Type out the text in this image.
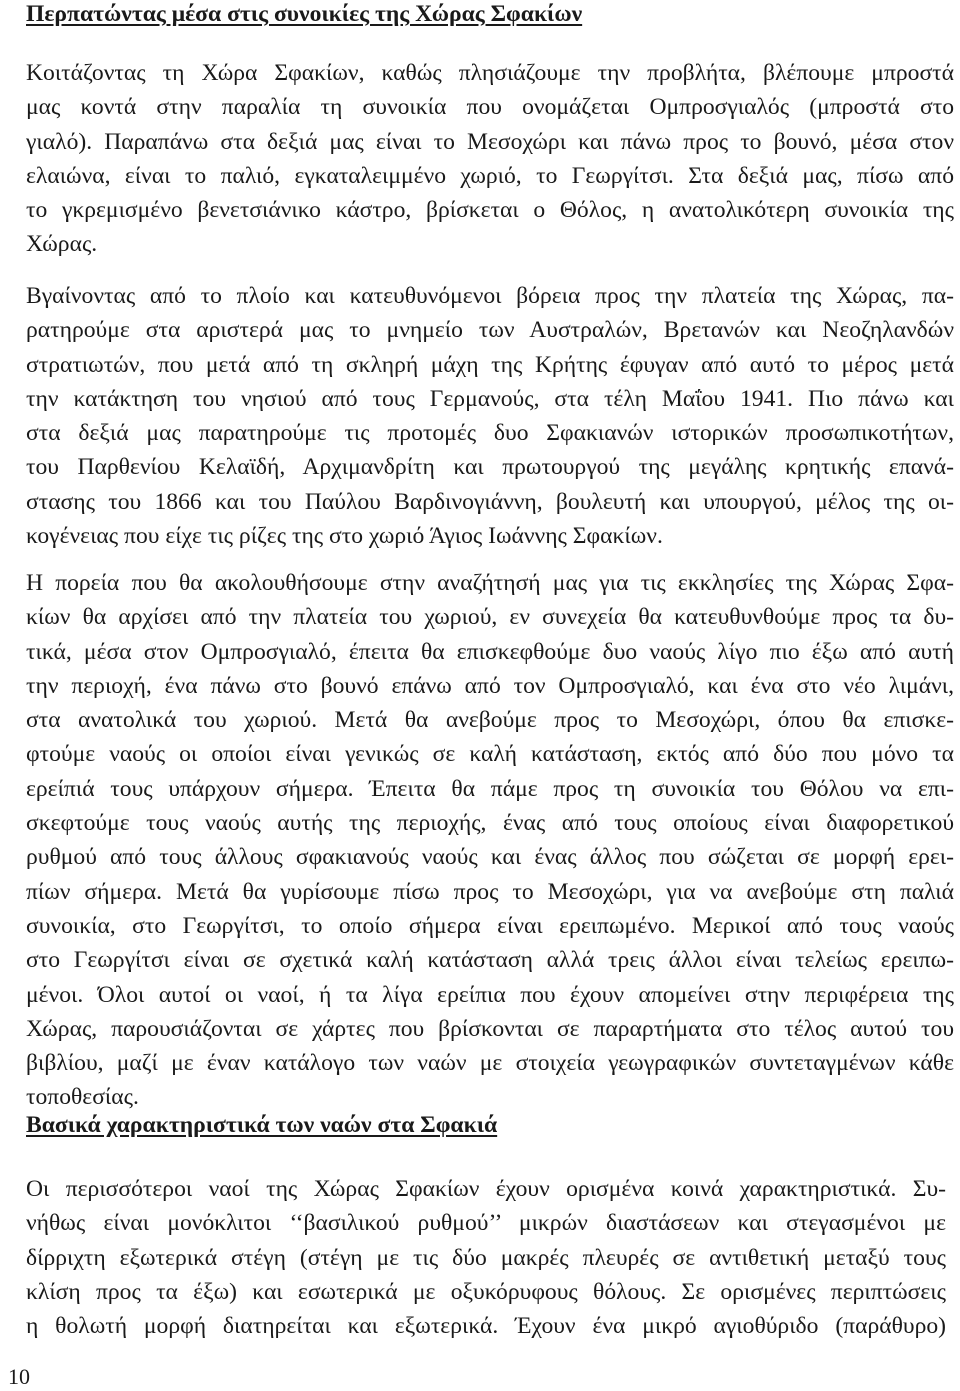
Περπατώντας μέσα στις συνοικίες της Χώρας Σφακίων
Κοιτάζοντας τη Χώρα Σφακίων, καθώς πλησιάζουμε την προβλήτα, βλέπουμε μπροστά
μας κοντά στην παραλία τη συνοικία που ονομάζεται Ομπροσγιαλός (μπροστά στο
γιαλό). Παραπάνω στα δεξιά μας είναι το Μεσοχώρι και πάνω προς το βουνό, μέσα στον
ελαιώνα, είναι το παλιό, εγκαταλειμμένο χωριό, το Γεωργίτσι. Στα δεξιά μας, πίσω από
το γκρεμισμένο βενετσιάνικο κάστρο, βρίσκεται ο Θόλος, η ανατολικότερη συνοικία της
Χώρας.
Βγαίνοντας από το πλοίο και κατευθυνόμενοι βόρεια προς την πλατεία της Χώρας, πα-
ρατηρούμε στα αριστερά μας το μνημείο των Αυστραλών, Βρετανών και Νεοζηλανδών
στρατιωτών, που μετά από τη σκληρή μάχη της Κρήτης έφυγαν από αυτό το μέρος μετά
την κατάκτηση του νησιού από τους Γερμανούς, στα τέλη Μαΐου 1941. Πιο πάνω και
στα δεξιά μας παρατηρούμε τις προτομές δυο Σφακιανών ιστορικών προσωπικοτήτων,
του Παρθενίου Κελαϊδή, Αρχιμανδρίτη και πρωτουργού της μεγάλης κρητικής επανά-
στασης του 1866 και του Παύλου Βαρδινογιάννη, βουλευτή και υπουργού, μέλος της οι-
κογένειας που είχε τις ρίζες της στο χωριό Άγιος Ιωάννης Σφακίων.
Η πορεία που θα ακολουθήσουμε στην αναζήτησή μας για τις εκκλησίες της Χώρας Σφα-
κίων θα αρχίσει από την πλατεία του χωριού, εν συνεχεία θα κατευθυνθούμε προς τα δυ-
τικά, μέσα στον Ομπροσγιαλό, έπειτα θα επισκεφθούμε δυο ναούς λίγο πιο έξω από αυτή
την περιοχή, ένα πάνω στο βουνό επάνω από τον Ομπροσγιαλό, και ένα στο νέο λιμάνι,
στα ανατολικά του χωριού. Μετά θα ανεβούμε προς το Μεσοχώρι, όπου θα επισκε-
φτούμε ναούς οι οποίοι είναι γενικώς σε καλή κατάσταση, εκτός από δύο που μόνο τα
ερείπιά τους υπάρχουν σήμερα. Έπειτα θα πάμε προς τη συνοικία του Θόλου να επι-
σκεφτούμε τους ναούς αυτής της περιοχής, ένας από τους οποίους είναι διαφορετικού
ρυθμού από τους άλλους σφακιανούς ναούς και ένας άλλος που σώζεται σε μορφή ερει-
πίων σήμερα. Μετά θα γυρίσουμε πίσω προς το Μεσοχώρι, για να ανεβούμε στη παλιά
συνοικία, στο Γεωργίτσι, το οποίο σήμερα είναι ερειπωμένο. Μερικοί από τους ναούς
στο Γεωργίτσι είναι σε σχετικά καλή κατάσταση αλλά τρεις άλλοι είναι τελείως ερειπω-
μένοι. Όλοι αυτοί οι ναοί, ή τα λίγα ερείπια που έχουν απομείνει στην περιφέρεια της
Χώρας, παρουσιάζονται σε χάρτες που βρίσκονται σε παραρτήματα στο τέλος αυτού του
βιβλίου, μαζί με έναν κατάλογο των ναών με στοιχεία γεωγραφικών συντεταγμένων κάθε
τοποθεσίας.
Βασικά χαρακτηριστικά των ναών στα Σφακιά
Οι περισσότεροι ναοί της Χώρας Σφακίων έχουν ορισμένα κοινά χαρακτηριστικά. Συ-
νήθως είναι μονόκλιτοι ‘‘βασιλικού ρυθμού’’ μικρών διαστάσεων και στεγασμένοι με
δίρριχτη εξωτερικά στέγη (στέγη με τις δύο μακρές πλευρές σε αντιθετική μεταξύ τους
κλίση προς τα έξω) και εσωτερικά με οξυκόρυφους θόλους. Σε ορισμένες περιπτώσεις
η θολωτή μορφή διατηρείται και εξωτερικά. Έχουν ένα μικρό αγιοθύριδο (παράθυρο)
10
